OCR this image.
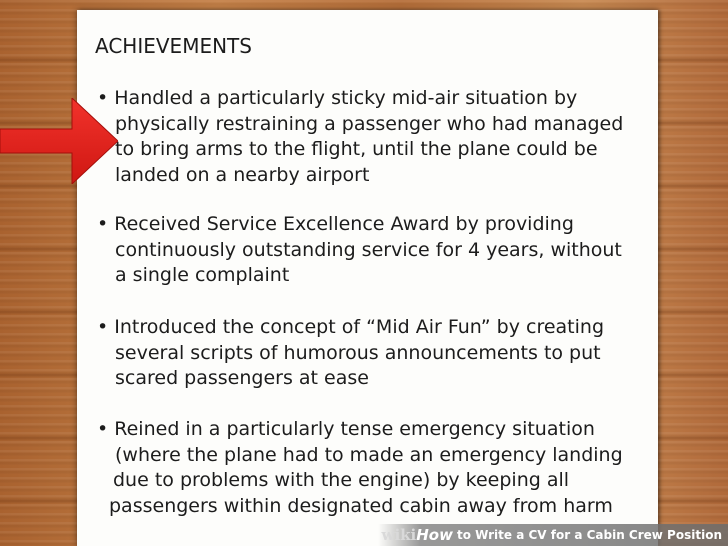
ACHIEVEMENTS

• Handled a particularly sticky mid-air situation by
physically restraining a passenger who had managed
to bring arms to the flight, until the plane could be
landed on a nearby airport

• Received Service Excellence Award by providing
continuously outstanding service for 4 years, without
a single complaint

• Introduced the concept of “Mid Air Fun” by creating
several scripts of humorous announcements to put
scared passengers at ease

• Reined in a particularly tense emergency situation
(where the plane had to made an emergency landing
due to problems with the engine) by keeping all
passengers within designated cabin away from harm

wikiHow to Write a CV for a Cabin Crew Position
